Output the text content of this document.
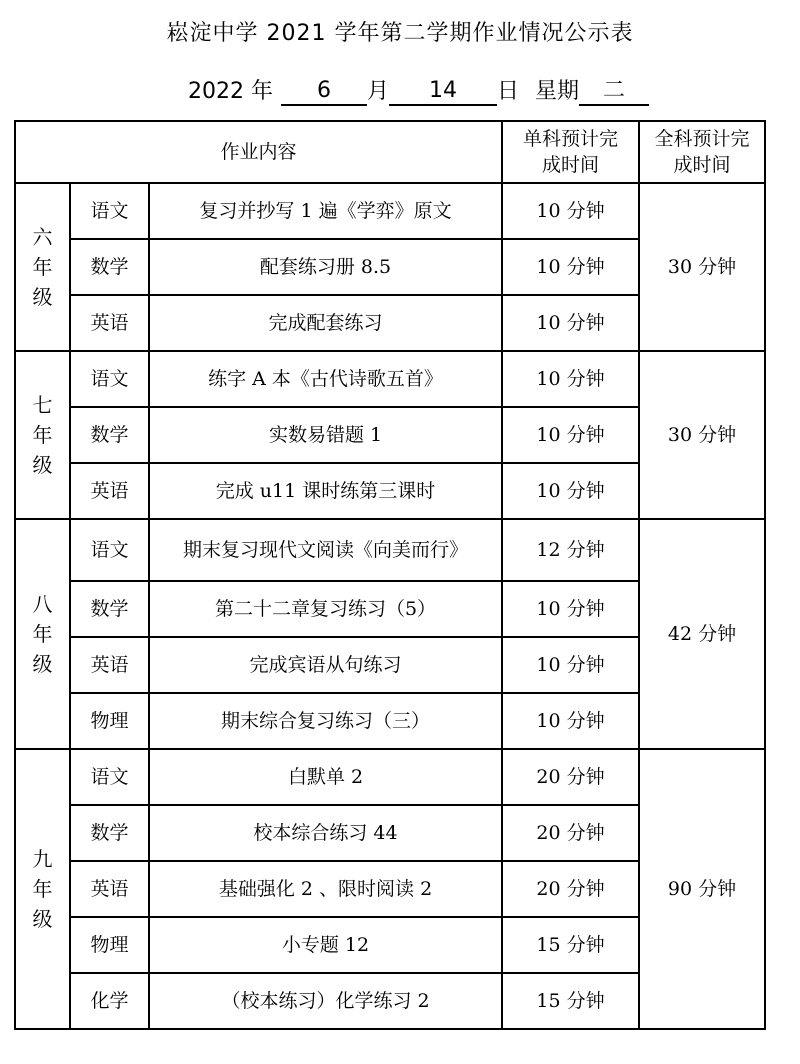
崧淀中学 2021 学年第二学期作业情况公示表
2022 年 6 月 14 日 星期 二
作业内容			单科预计完成时间	全科预计完成时间

六
年
级	语文	复习并抄写 1 遍《学弈》原文	10 分钟	30 分钟
	数学	配套练习册 8.5	10 分钟	
	英语	完成配套练习	10 分钟	

七
年
级	语文	练字 A 本《古代诗歌五首》	10 分钟	30 分钟
	数学	实数易错题 1	10 分钟	
	英语	完成 u11 课时练第三课时	10 分钟	

八
年
级	语文	期末复习现代文阅读《向美而行》	12 分钟	42 分钟
	数学	第二十二章复习练习（5）	10 分钟	
	英语	完成宾语从句练习	10 分钟	
	物理	期末综合复习练习（三）	10 分钟	

九
年
级	语文	白默单 2	20 分钟	90 分钟
	数学	校本综合练习 44	20 分钟	
	英语	基础强化 2 、限时阅读 2	20 分钟	
	物理	小专题 12	15 分钟	
	化学	（校本练习）化学练习 2	15 分钟	
